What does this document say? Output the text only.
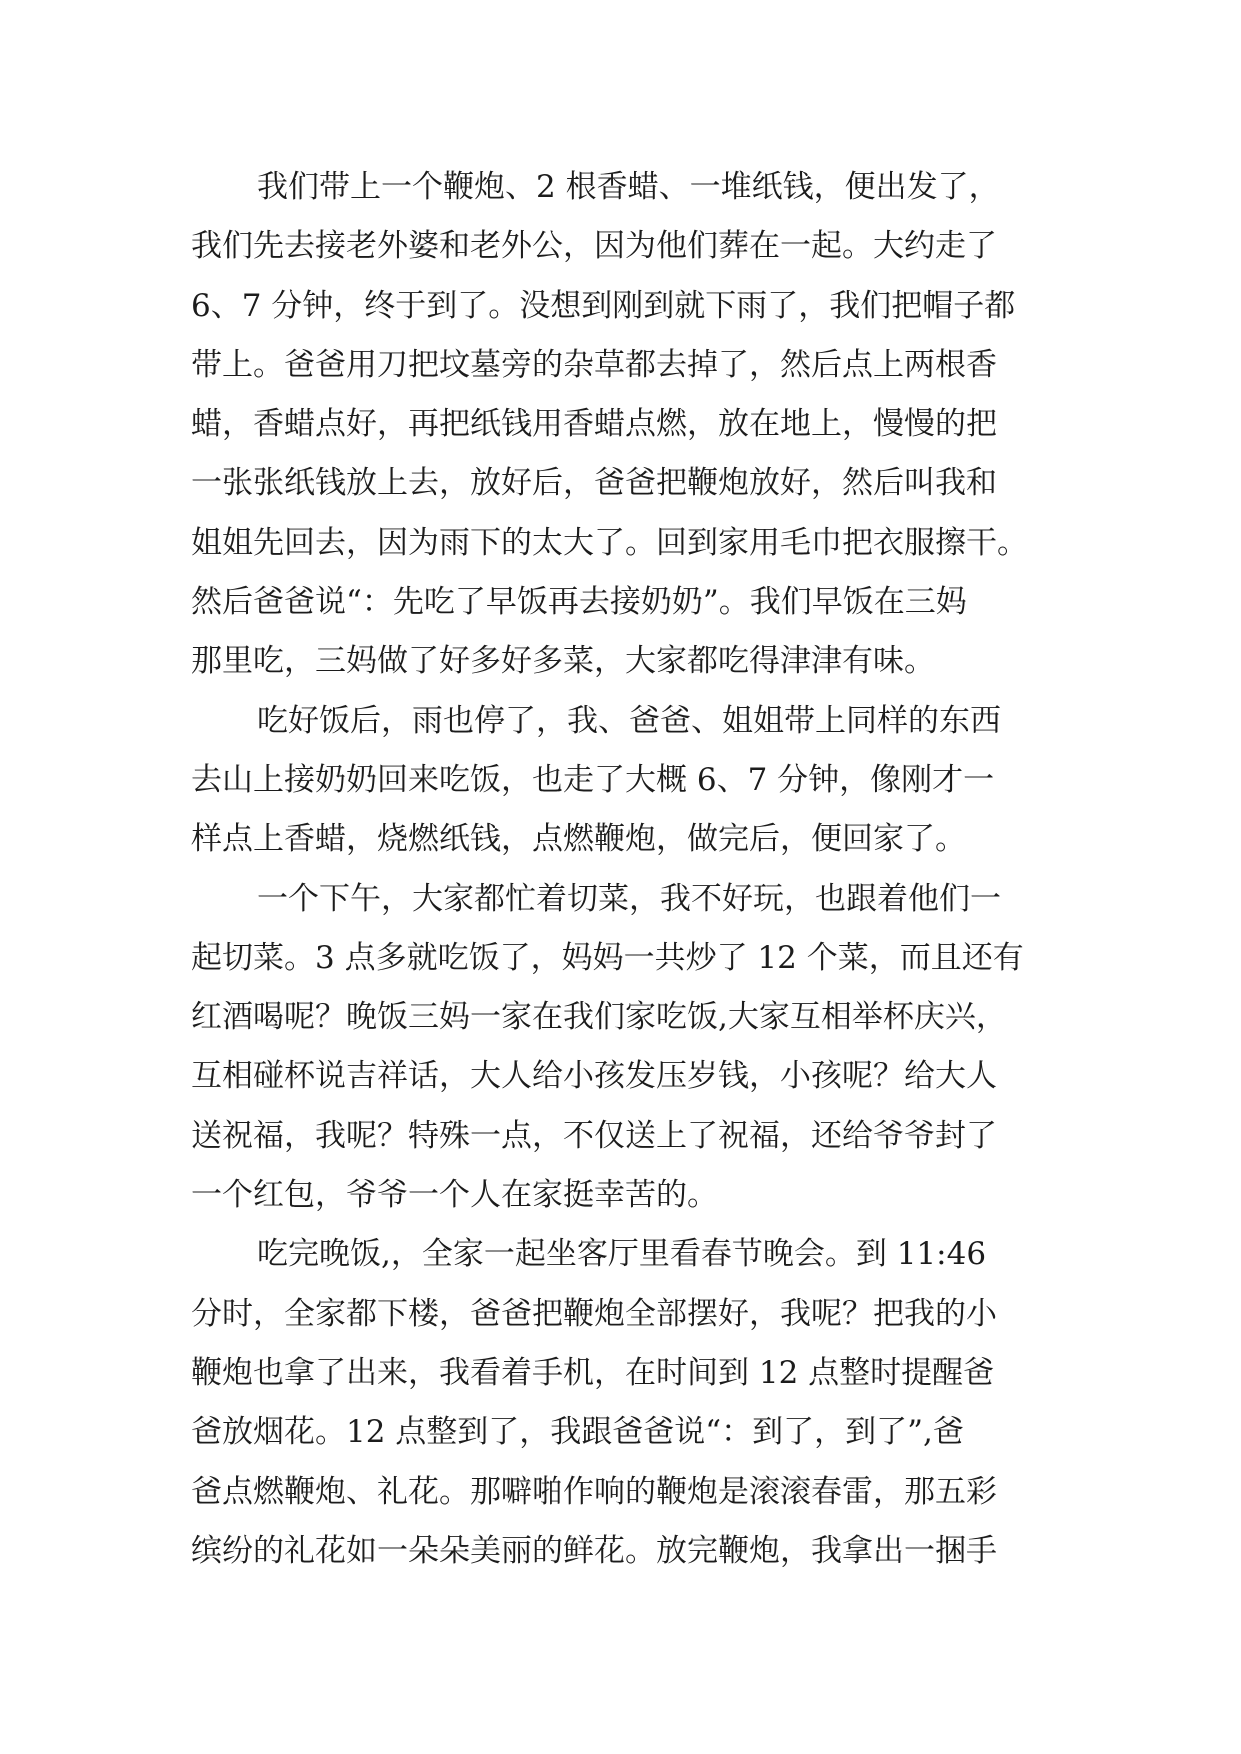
我们带上一个鞭炮、2 根香蜡、一堆纸钱，便出发了，
我们先去接老外婆和老外公，因为他们葬在一起。大约走了
6、7 分钟，终于到了。没想到刚到就下雨了，我们把帽子都
带上。爸爸用刀把坟墓旁的杂草都去掉了，然后点上两根香
蜡，香蜡点好，再把纸钱用香蜡点燃，放在地上，慢慢的把
一张张纸钱放上去，放好后，爸爸把鞭炮放好，然后叫我和
姐姐先回去，因为雨下的太大了。回到家用毛巾把衣服擦干。
然后爸爸说“：先吃了早饭再去接奶奶”。我们早饭在三妈
那里吃，三妈做了好多好多菜，大家都吃得津津有味。
吃好饭后，雨也停了，我、爸爸、姐姐带上同样的东西
去山上接奶奶回来吃饭，也走了大概 6、7 分钟，像刚才一
样点上香蜡，烧燃纸钱，点燃鞭炮，做完后，便回家了。
一个下午，大家都忙着切菜，我不好玩，也跟着他们一
起切菜。3 点多就吃饭了，妈妈一共炒了 12 个菜，而且还有
红酒喝呢？晚饭三妈一家在我们家吃饭,大家互相举杯庆兴，
互相碰杯说吉祥话，大人给小孩发压岁钱，小孩呢？给大人
送祝福，我呢？特殊一点，不仅送上了祝福，还给爷爷封了
一个红包，爷爷一个人在家挺幸苦的。
吃完晚饭,，全家一起坐客厅里看春节晚会。到 11:46
分时，全家都下楼，爸爸把鞭炮全部摆好，我呢？把我的小
鞭炮也拿了出来，我看着手机，在时间到 12 点整时提醒爸
爸放烟花。12 点整到了，我跟爸爸说“：到了，到了”,爸
爸点燃鞭炮、礼花。那噼啪作响的鞭炮是滚滚春雷，那五彩
缤纷的礼花如一朵朵美丽的鲜花。放完鞭炮，我拿出一捆手
